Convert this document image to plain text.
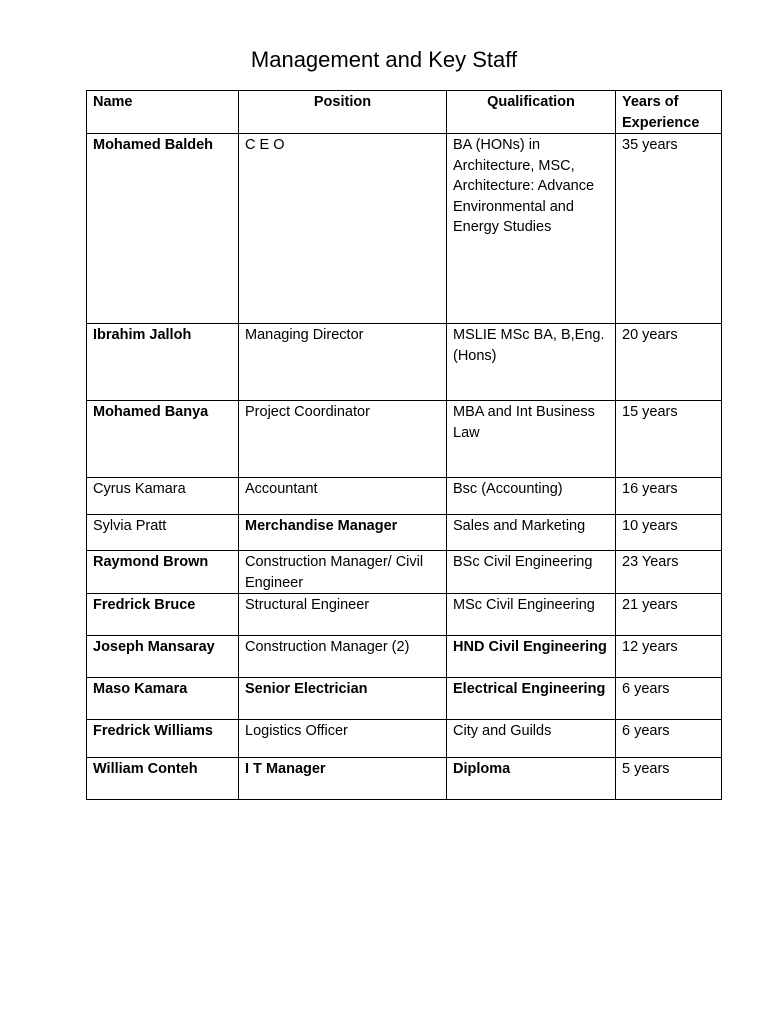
Management and Key Staff
Name	Position	Qualification	Years of Experience
Mohamed Baldeh	C E O	BA (HONs) in Architecture, MSC, Architecture: Advance Environmental and Energy Studies	35 years
Ibrahim Jalloh	Managing Director	MSLIE MSc BA, B,Eng.(Hons)	20 years
Mohamed Banya	Project Coordinator	MBA and Int Business Law	15 years
Cyrus Kamara	Accountant	Bsc (Accounting)	16 years
Sylvia Pratt	Merchandise Manager	Sales and Marketing	10 years
Raymond Brown	Construction Manager/ Civil Engineer	BSc Civil Engineering	23 Years
Fredrick Bruce	Structural Engineer	MSc Civil Engineering	21 years
Joseph Mansaray	Construction Manager (2)	HND Civil Engineering	12 years
Maso Kamara	Senior Electrician	Electrical Engineering	6 years
Fredrick Williams	Logistics Officer	City and Guilds	6 years
William Conteh	I T Manager	Diploma	5 years
